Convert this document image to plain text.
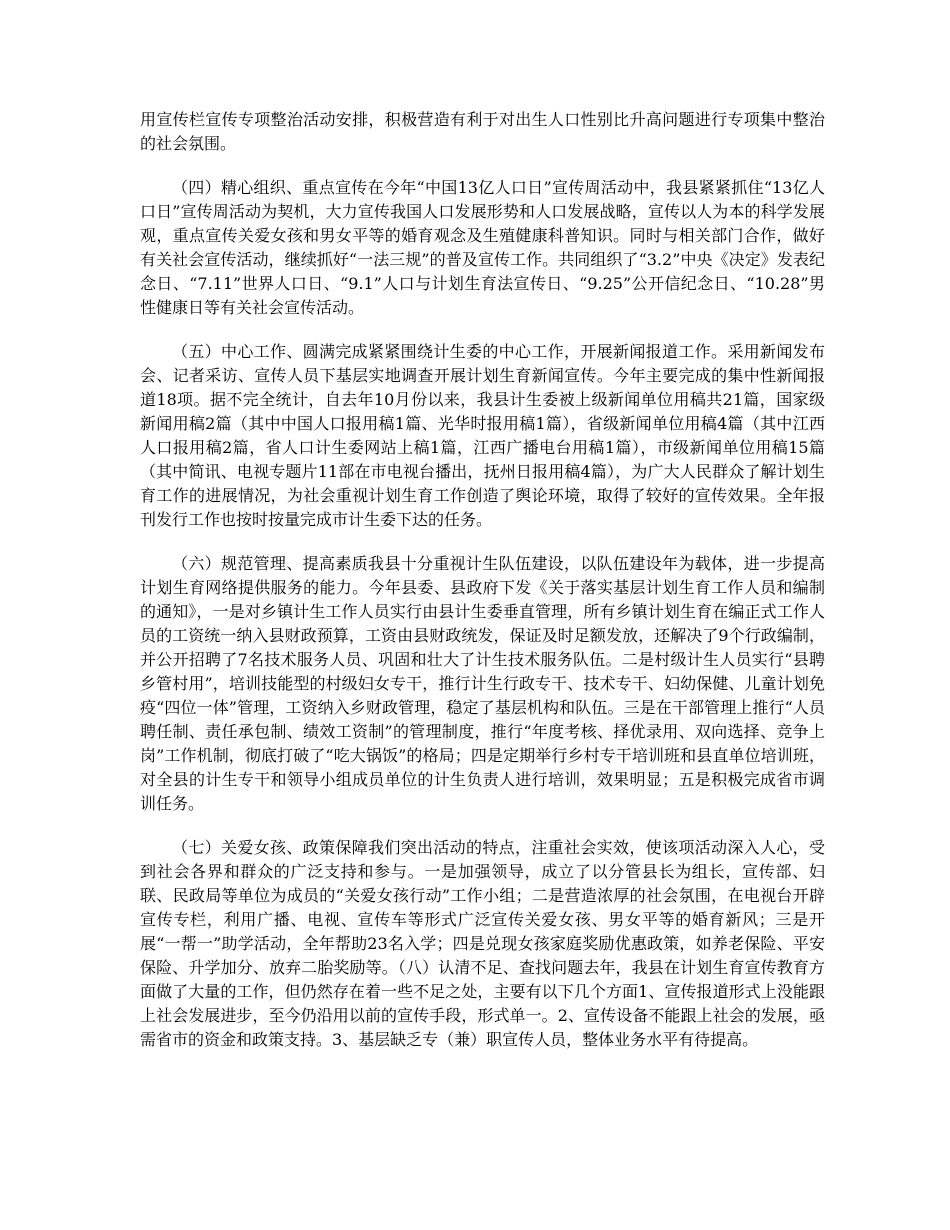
用宣传栏宣传专项整治活动安排，积极营造有利于对出生人口性别比升高问题进行专项集中整治的社会氛围。

（四）精心组织、重点宣传在今年“中国13亿人口日”宣传周活动中，我县紧紧抓住“13亿人口日”宣传周活动为契机，大力宣传我国人口发展形势和人口发展战略，宣传以人为本的科学发展观，重点宣传关爱女孩和男女平等的婚育观念及生殖健康科普知识。同时与相关部门合作，做好有关社会宣传活动，继续抓好“一法三规”的普及宣传工作。共同组织了“3.2”中央《决定》发表纪念日、“7.11”世界人口日、“9.1”人口与计划生育法宣传日、“9.25”公开信纪念日、“10.28”男性健康日等有关社会宣传活动。

（五）中心工作、圆满完成紧紧围绕计生委的中心工作，开展新闻报道工作。采用新闻发布会、记者采访、宣传人员下基层实地调查开展计划生育新闻宣传。今年主要完成的集中性新闻报道18项。据不完全统计，自去年10月份以来，我县计生委被上级新闻单位用稿共21篇，国家级新闻用稿2篇（其中中国人口报用稿1篇、光华时报用稿1篇），省级新闻单位用稿4篇（其中江西人口报用稿2篇，省人口计生委网站上稿1篇，江西广播电台用稿1篇），市级新闻单位用稿15篇（其中简讯、电视专题片11部在市电视台播出，抚州日报用稿4篇），为广大人民群众了解计划生育工作的进展情况，为社会重视计划生育工作创造了舆论环境，取得了较好的宣传效果。全年报刊发行工作也按时按量完成市计生委下达的任务。

（六）规范管理、提高素质我县十分重视计生队伍建设，以队伍建设年为载体，进一步提高计划生育网络提供服务的能力。今年县委、县政府下发《关于落实基层计划生育工作人员和编制的通知》，一是对乡镇计生工作人员实行由县计生委垂直管理，所有乡镇计划生育在编正式工作人员的工资统一纳入县财政预算，工资由县财政统发，保证及时足额发放，还解决了9个行政编制，并公开招聘了7名技术服务人员、巩固和壮大了计生技术服务队伍。二是村级计生人员实行“县聘乡管村用”，培训技能型的村级妇女专干，推行计生行政专干、技术专干、妇幼保健、儿童计划免疫“四位一体”管理，工资纳入乡财政管理，稳定了基层机构和队伍。三是在干部管理上推行“人员聘任制、责任承包制、绩效工资制”的管理制度，推行“年度考核、择优录用、双向选择、竞争上岗”工作机制，彻底打破了“吃大锅饭”的格局；四是定期举行乡村专干培训班和县直单位培训班，对全县的计生专干和领导小组成员单位的计生负责人进行培训，效果明显；五是积极完成省市调训任务。

（七）关爱女孩、政策保障我们突出活动的特点，注重社会实效，使该项活动深入人心，受到社会各界和群众的广泛支持和参与。一是加强领导，成立了以分管县长为组长，宣传部、妇联、民政局等单位为成员的“关爱女孩行动”工作小组；二是营造浓厚的社会氛围，在电视台开辟宣传专栏，利用广播、电视、宣传车等形式广泛宣传关爱女孩、男女平等的婚育新风；三是开展“一帮一”助学活动，全年帮助23名入学；四是兑现女孩家庭奖励优惠政策，如养老保险、平安保险、升学加分、放弃二胎奖励等。（八）认清不足、查找问题去年，我县在计划生育宣传教育方面做了大量的工作，但仍然存在着一些不足之处，主要有以下几个方面1、宣传报道形式上没能跟上社会发展进步，至今仍沿用以前的宣传手段，形式单一。2、宣传设备不能跟上社会的发展，亟需省市的资金和政策支持。3、基层缺乏专（兼）职宣传人员，整体业务水平有待提高。
